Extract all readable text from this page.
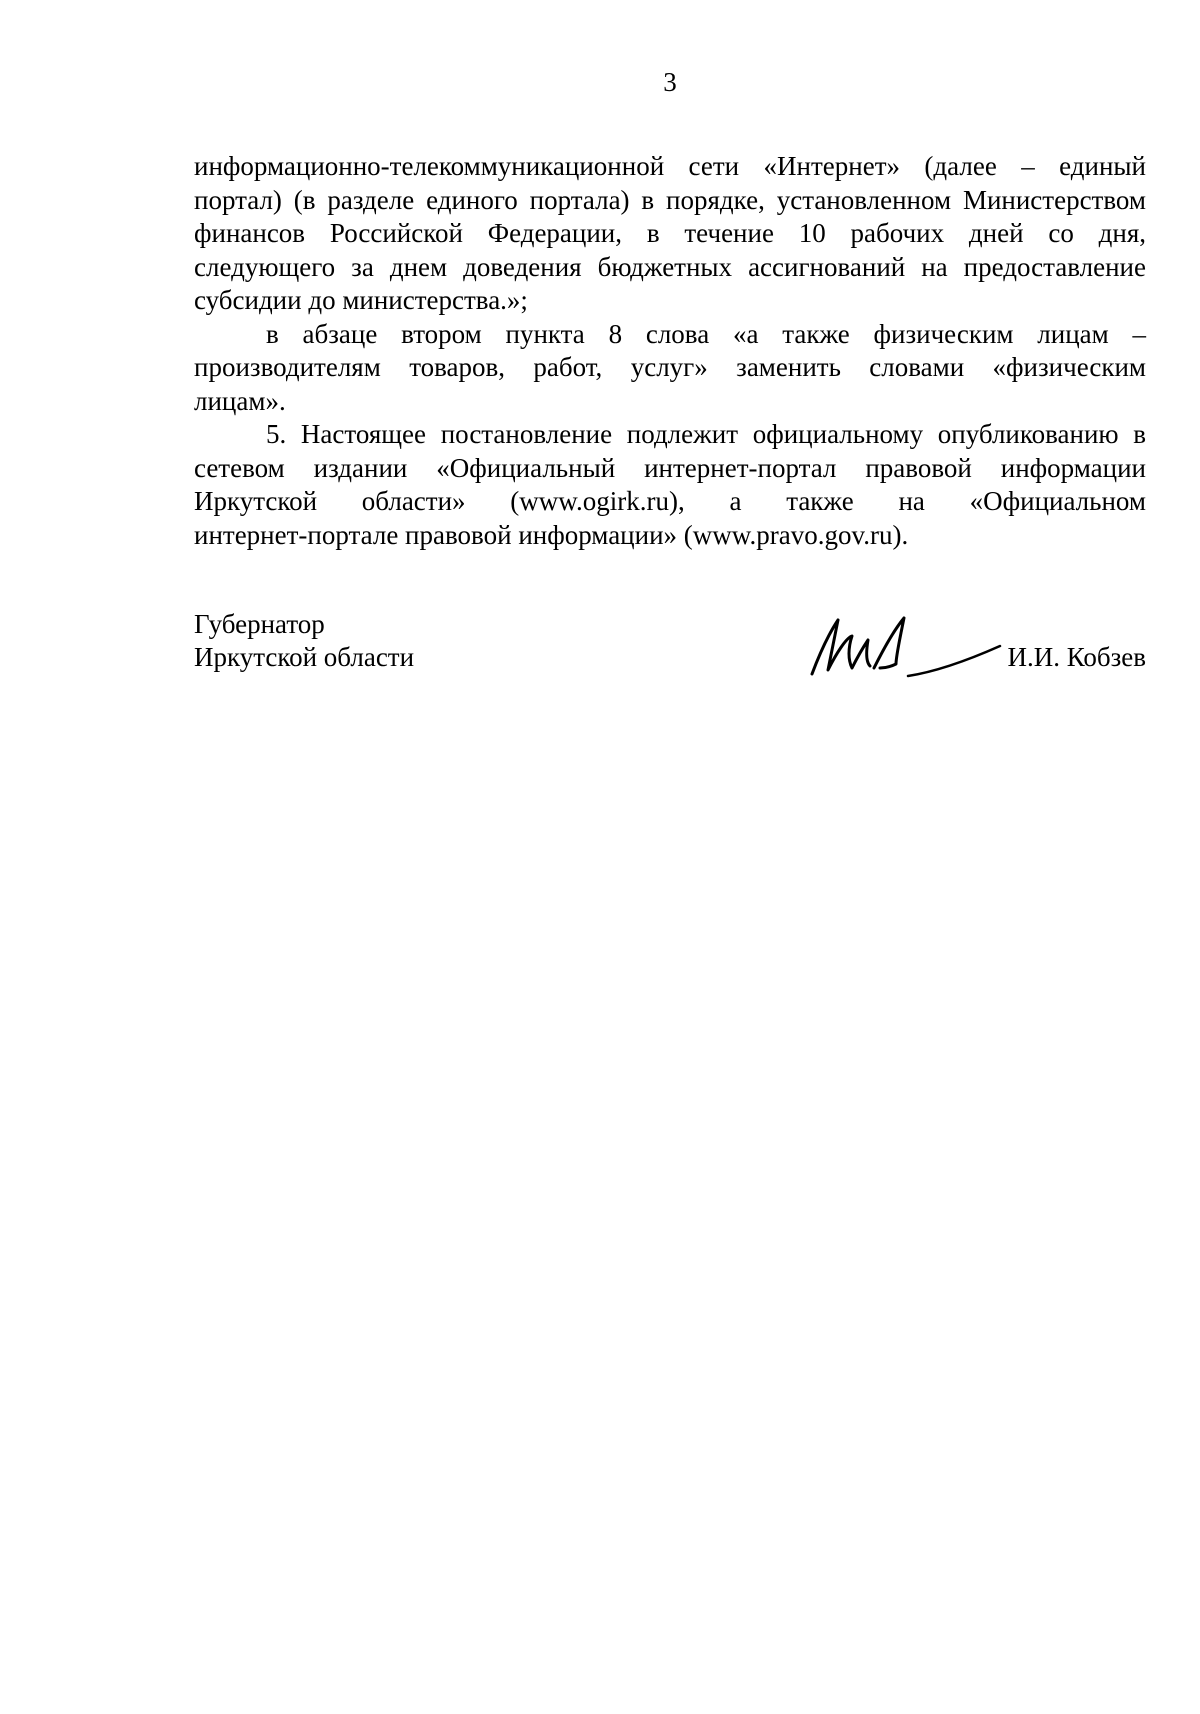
3
информационно-телекоммуникационной сети «Интернет» (далее – единый
портал) (в разделе единого портала) в порядке, установленном Министерством
финансов Российской Федерации, в течение 10 рабочих дней со дня,
следующего за днем доведения бюджетных ассигнований на предоставление
субсидии до министерства.»;
в абзаце втором пункта 8 слова «а также физическим лицам –
производителям товаров, работ, услуг» заменить словами «физическим
лицам».
5. Настоящее постановление подлежит официальному опубликованию в
сетевом издании «Официальный интернет-портал правовой информации
Иркутской области» (www.ogirk.ru), а также на «Официальном
интернет-портале правовой информации» (www.pravo.gov.ru).
Губернатор
Иркутской области	И.И. Кобзев
